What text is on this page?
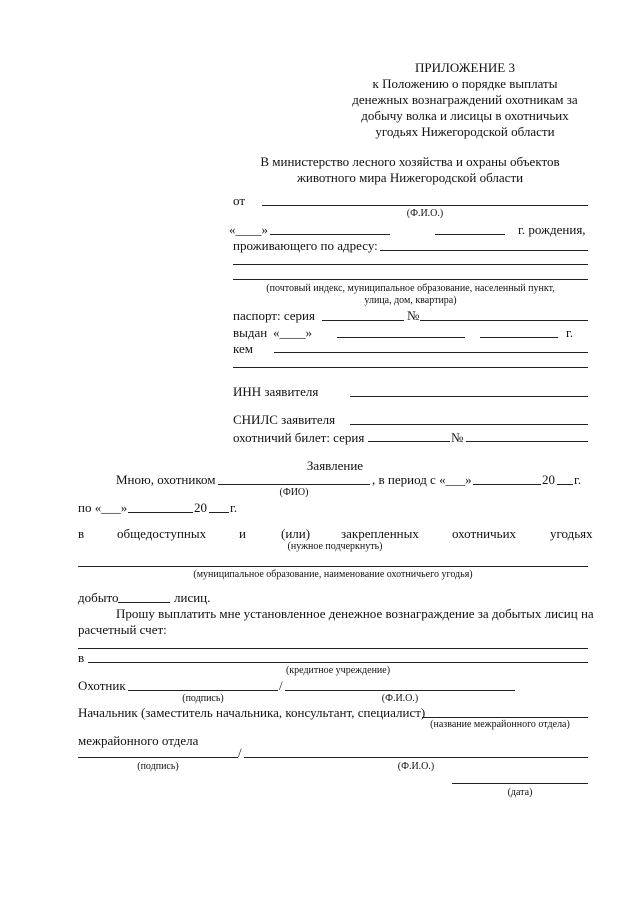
ПРИЛОЖЕНИЕ 3
к Положению о порядке выплаты
денежных вознаграждений охотникам за
добычу волка и лисицы в охотничьих
угодьях Нижегородской области
В министерство лесного хозяйства и охраны объектов
животного мира Нижегородской области
от
(Ф.И.О.)
«____»	г. рождения,
проживающего по адресу:
(почтовый индекс, муниципальное образование, населенный пункт,
улица, дом, квартира)
паспорт: серия	№
выдан «____»	г.
кем
ИНН заявителя
СНИЛС заявителя
охотничий билет: серия	№
Заявление
Мною, охотником
(ФИО)
, в период с «___»	20 г.
по «___»	20 г.
в	общедоступных	и	(или) закрепленных	охотничьих	угодьях
(нужное подчеркнуть)
(муниципальное образование, наименование охотничьего угодья)
добыто	лисиц.
Прошу выплатить мне установленное денежное вознаграждение за добытых лисиц на
расчетный счет:
в
(кредитное учреждение)
Охотник	/
(подпись)	(Ф.И.О.)
Начальник (заместитель начальника, консультант, специалист)
(название межрайонного отдела)
межрайонного отдела
/
(подпись)	(Ф.И.О.)
(дата)
